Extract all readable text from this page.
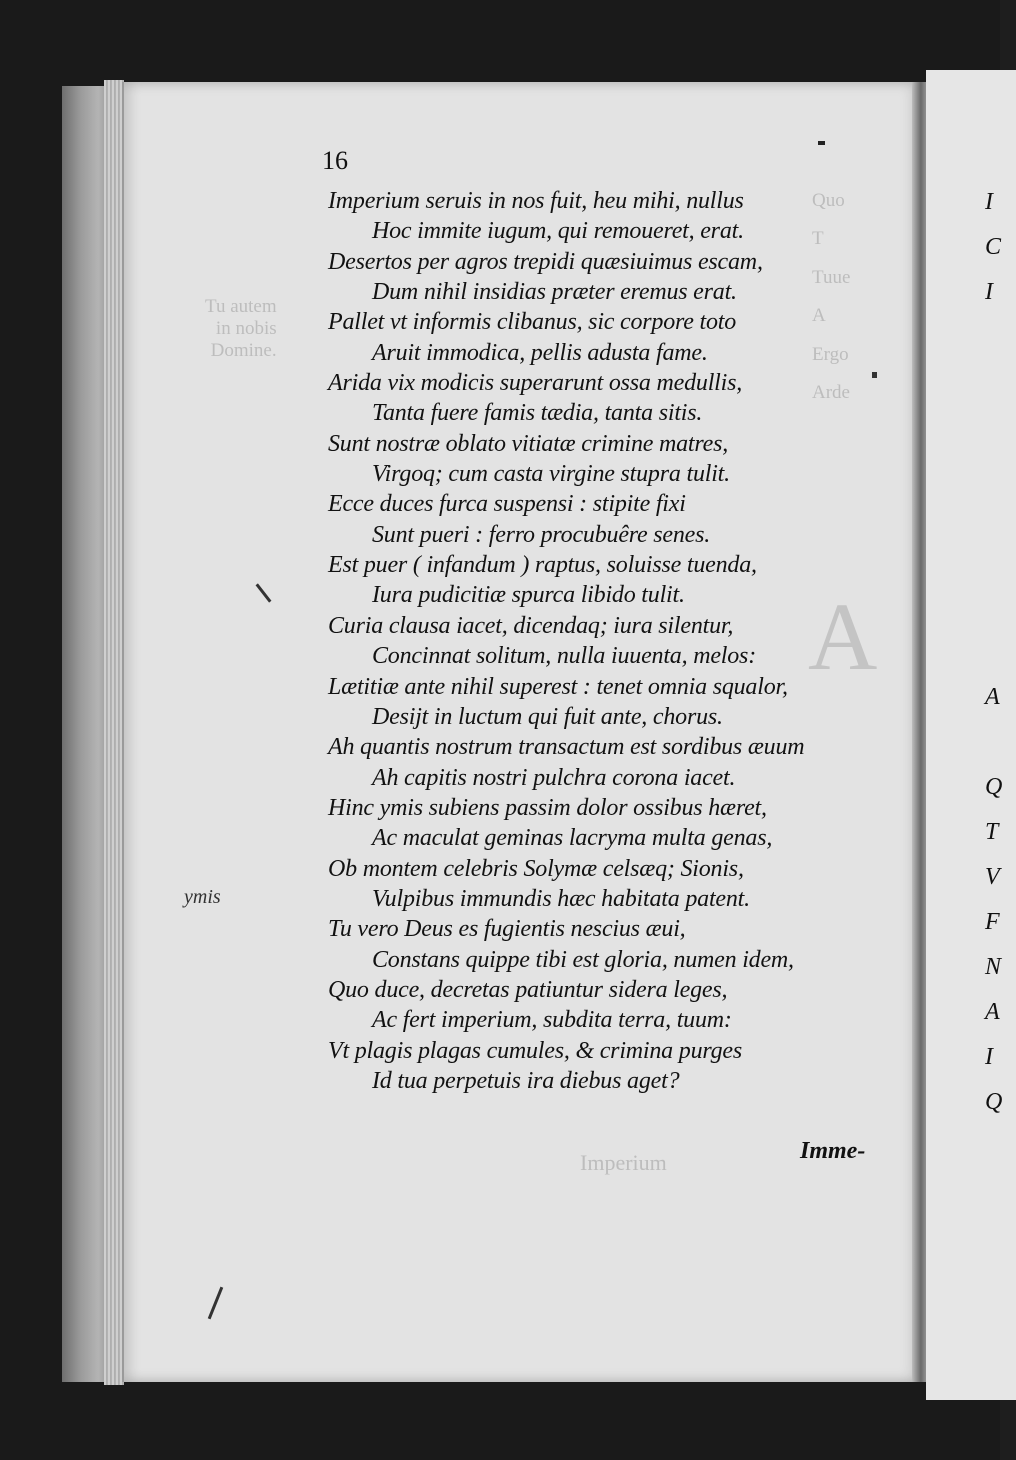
Tu autem
in nobis
Domine.
Quo
T
Tuue
A
Ergo
Arde
A
Imperium
16
Imperium seruis in nos fuit, heu mihi, nullus
Hoc immite iugum, qui remoueret, erat.
Desertos per agros trepidi quæsiuimus escam,
Dum nihil insidias præter eremus erat.
Pallet vt informis clibanus, sic corpore toto
Aruit immodica, pellis adusta fame.
Arida vix modicis superarunt ossa medullis,
Tanta fuere famis tædia, tanta sitis.
Sunt nostræ oblato vitiatæ crimine matres,
Virgoq; cum casta virgine stupra tulit.
Ecce duces furca suspensi : stipite fixi
Sunt pueri : ferro procubuêre senes.
Est puer ( infandum ) raptus, soluisse tuenda,
Iura pudicitiæ spurca libido tulit.
Curia clausa iacet, dicendaq; iura silentur,
Concinnat solitum, nulla iuuenta, melos:
Lætitiæ ante nihil superest : tenet omnia squalor,
Desijt in luctum qui fuit ante, chorus.
Ah quantis nostrum transactum est sordibus æuum
Ah capitis nostri pulchra corona iacet.
Hinc ymis subiens passim dolor ossibus hæret,
Ac maculat geminas lacryma multa genas,
Ob montem celebris Solymæ celsæq; Sionis,
Vulpibus immundis hæc habitata patent.
Tu vero Deus es fugientis nescius æui,
Constans quippe tibi est gloria, numen idem,
Quo duce, decretas patiuntur sidera leges,
Ac fert imperium, subdita terra, tuum:
Vt plagis plagas cumules, & crimina purges
Id tua perpetuis ira diebus aget?
Imme-
ymis
I
C
I
A
Q
T
V
F
N
A
I
Q
